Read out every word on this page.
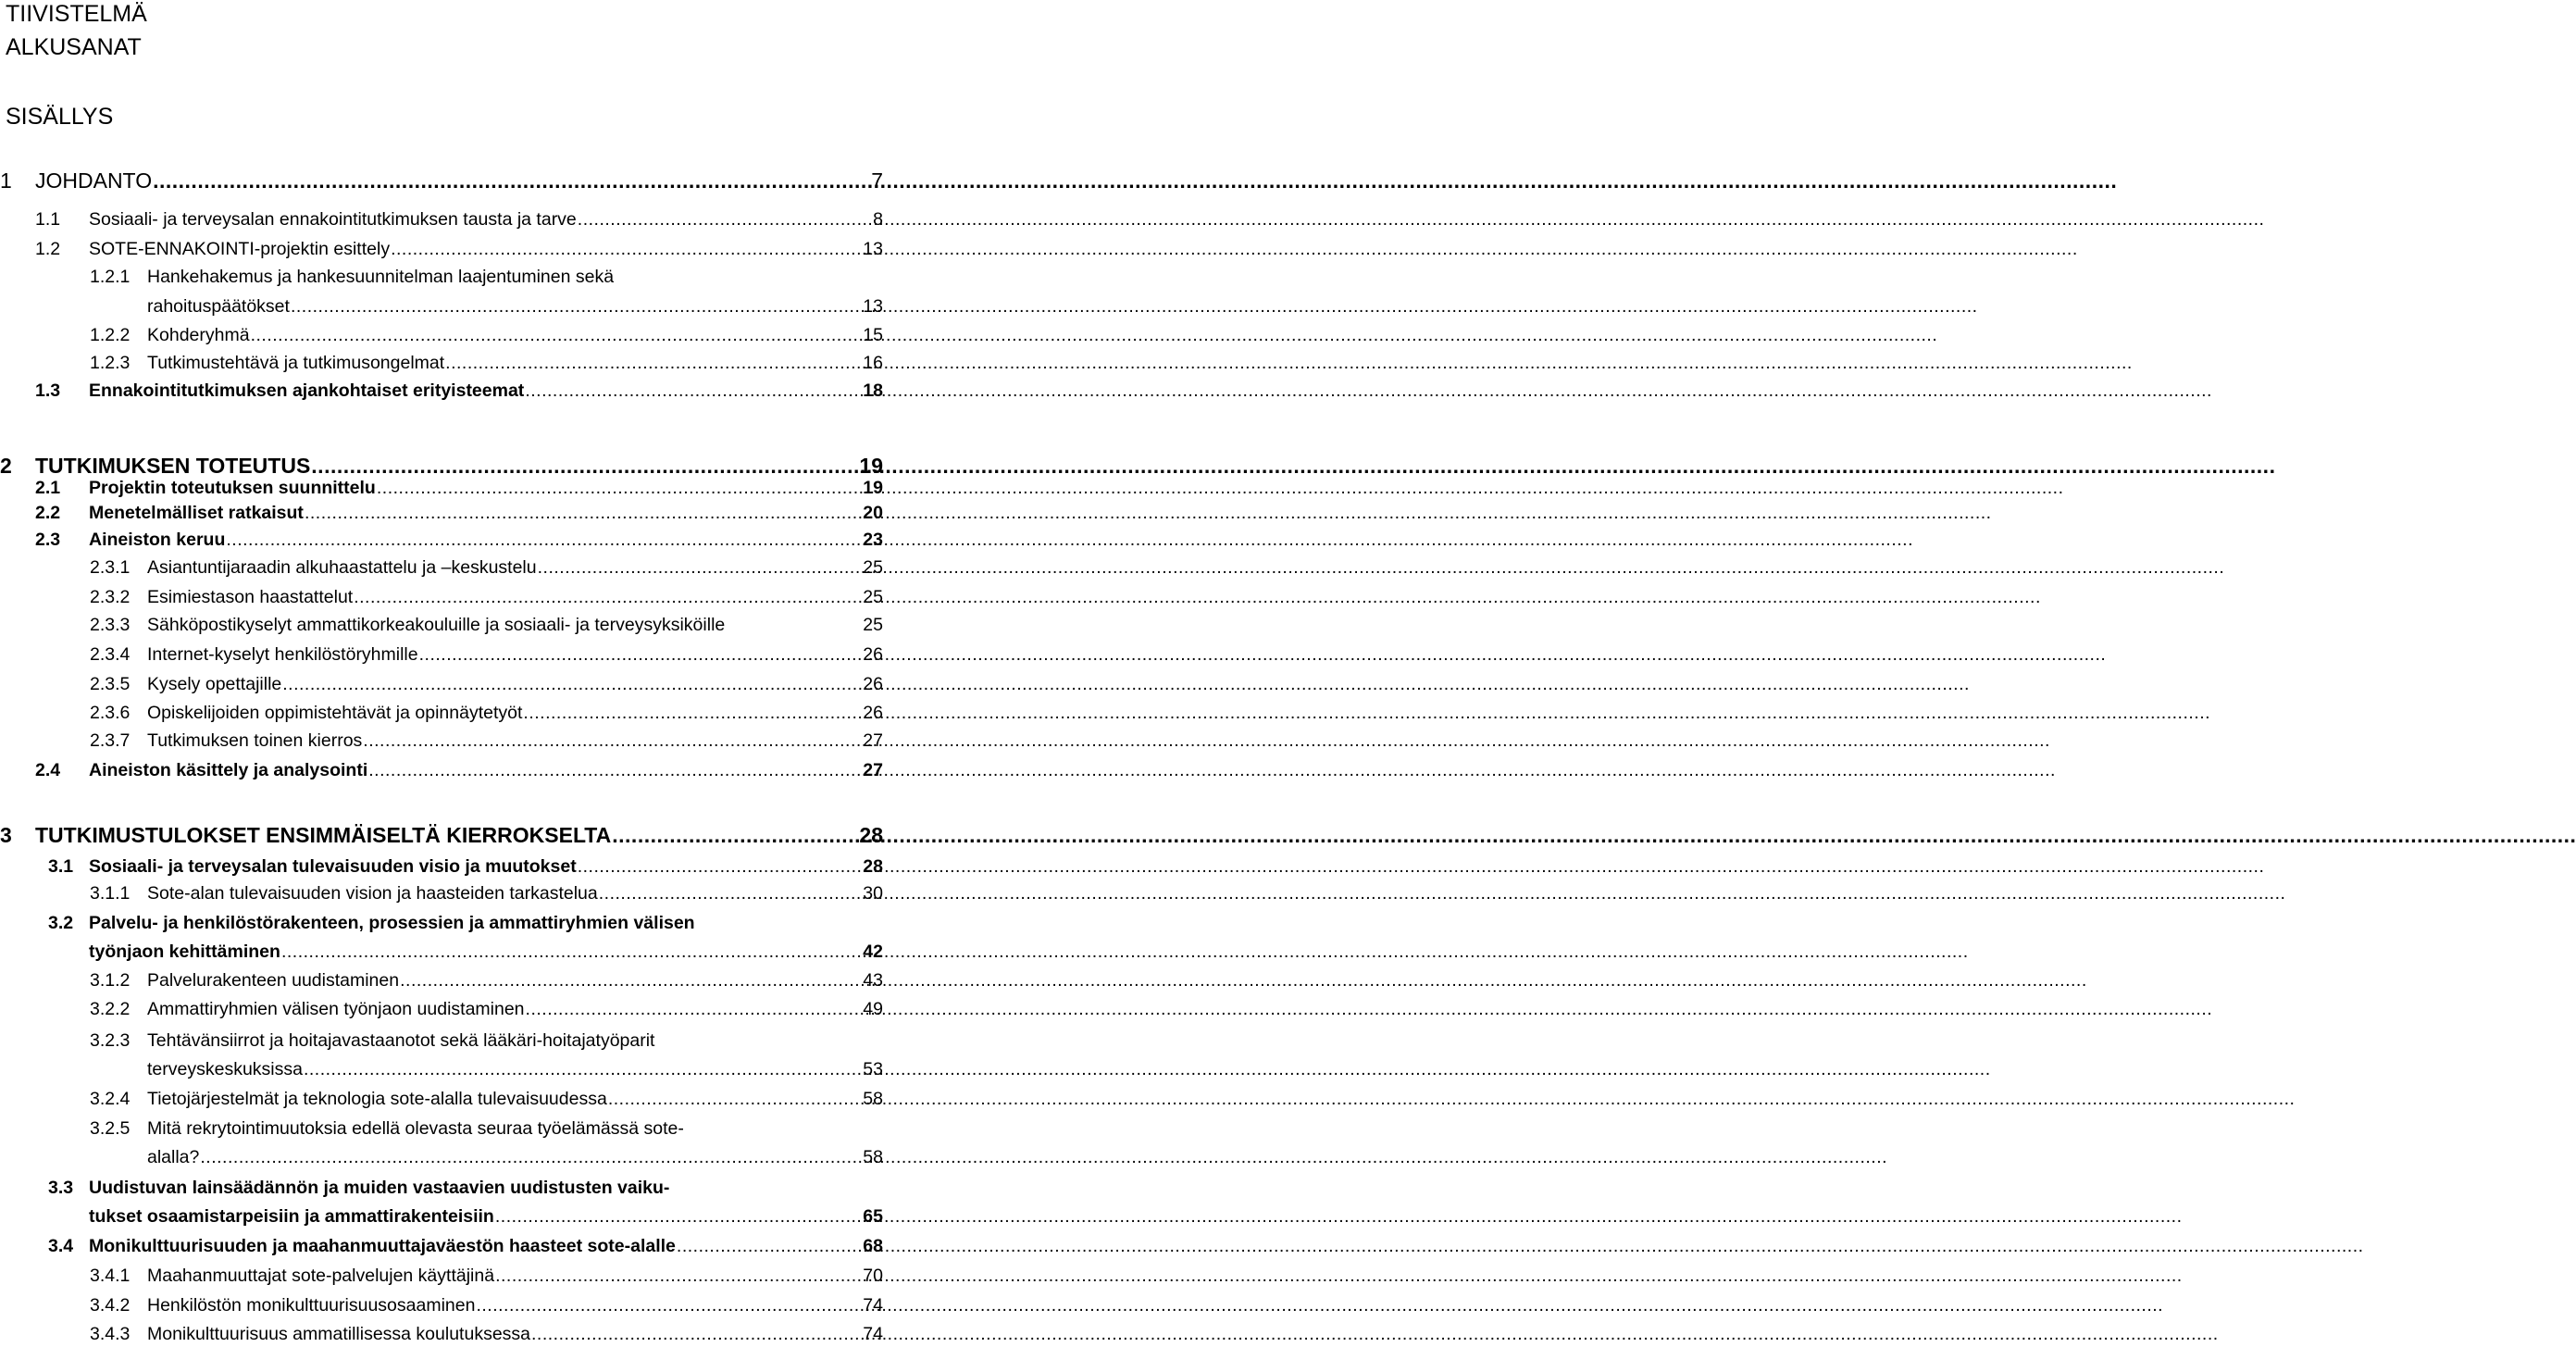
TIIVISTELMÄ
ALKUSANAT
SISÄLLYS
1	JOHDANTO .....	7
1.1	Sosiaali- ja terveysalan ennakointitutkimuksen tausta ja tarve .....	8
1.2	SOTE-ENNAKOINTI-projektin esittely .....	13
1.2.1 Hankehakemus ja hankesuunnitelman laajentuminen sekä
rahoituspäätökset .....	13
1.2.2 Kohderyhmä .....	15
1.2.3 Tutkimustehtävä ja tutkimusongelmat .....	16
1.3	Ennakointitutkimuksen ajankohtaiset erityisteemat .....	18
2	TUTKIMUKSEN TOTEUTUS .....	19
2.1	Projektin toteutuksen suunnittelu .....	19
2.2	Menetelmälliset ratkaisut .....	20
2.3	Aineiston keruu .....	23
2.3.1 Asiantuntijaraadin alkuhaastattelu ja –keskustelu .....	25
2.3.2 Esimiestason haastattelut .....	25
2.3.3 Sähköpostikyselyt ammattikorkeakouluille ja sosiaali- ja terveysyksiköille	25
2.3.4 Internet-kyselyt henkilöstöryhmille .....	26
2.3.5 Kysely opettajille .....	26
2.3.6 Opiskelijoiden oppimistehtävät ja opinnäytetyöt .....	26
2.3.7 Tutkimuksen toinen kierros .....	27
2.4	Aineiston käsittely ja analysointi .....	27
3	TUTKIMUSTULOKSET ENSIMMÄISELTÄ KIERROKSELTA .....	28
3.1 Sosiaali- ja terveysalan tulevaisuuden visio ja muutokset .....	28
3.1.1 Sote-alan tulevaisuuden vision ja haasteiden tarkastelua .....	30
3.2 Palvelu- ja henkilöstörakenteen, prosessien ja ammattiryhmien välisen
työnjaon kehittäminen .....	42
3.1.2 Palvelurakenteen uudistaminen .....	43
3.2.2 Ammattiryhmien välisen työnjaon uudistaminen .....	49
3.2.3 Tehtävänsiirrot ja hoitajavastaanotot sekä lääkäri-hoitajatyöparit
terveyskeskuksissa .....	53
3.2.4 Tietojärjestelmät ja teknologia sote-alalla tulevaisuudessa .....	58
3.2.5 Mitä rekrytointimuutoksia edellä olevasta seuraa työelämässä sote-
alalla? .....	58
3.3 Uudistuvan lainsäädännön ja muiden vastaavien uudistusten vaiku-
tukset osaamistarpeisiin ja ammattirakenteisiin .....	65
3.4 Monikulttuurisuuden ja maahanmuuttajaväestön haasteet sote-alalle .....	68
3.4.1 Maahanmuuttajat sote-palvelujen käyttäjinä .....	70
3.4.2 Henkilöstön monikulttuurisuusosaaminen .....	74
3.4.3 Monikulttuurisuus ammatillisessa koulutuksessa .....	74
